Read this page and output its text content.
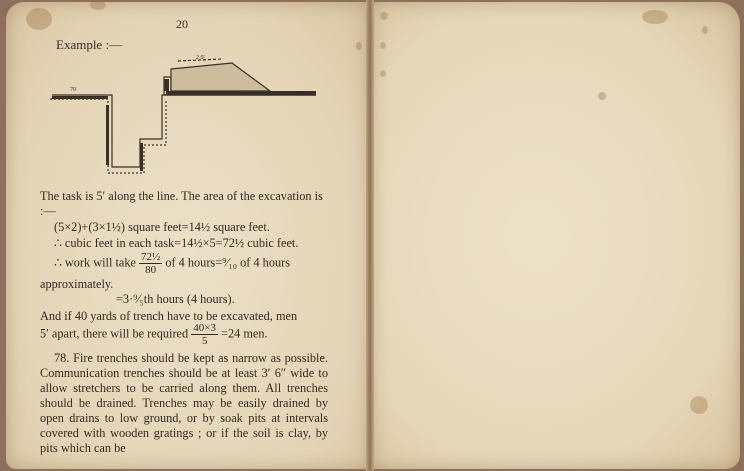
20
Example :—
70
2 0'

The task is 5′ along the line. The area of the excavation is :—

(5×2)+(3×1½) square feet=14½ square feet.

∴ cubic feet in each task=14½×5=72½ cubic feet.

∴ work will take $\frac{\text{72½}}{80}$ of 4 hours=⁹⁄₁₀ of 4 hours

approximately.

=3·⁹⁄₅th hours (4 hours).

And if 40 yards of trench have to be excavated, men

5′ apart, there will be required $\frac{40\times 3}{5} =24$ men.

78. Fire trenches should be kept as narrow as possible. Communication trenches should be at least 3′ 6″ wide to allow stretchers to be carried along them. All trenches should be drained. Trenches may be easily drained by open drains to low ground, or by soak pits at intervals covered with wooden gratings ; or if the soil is clay, by pits which can be
